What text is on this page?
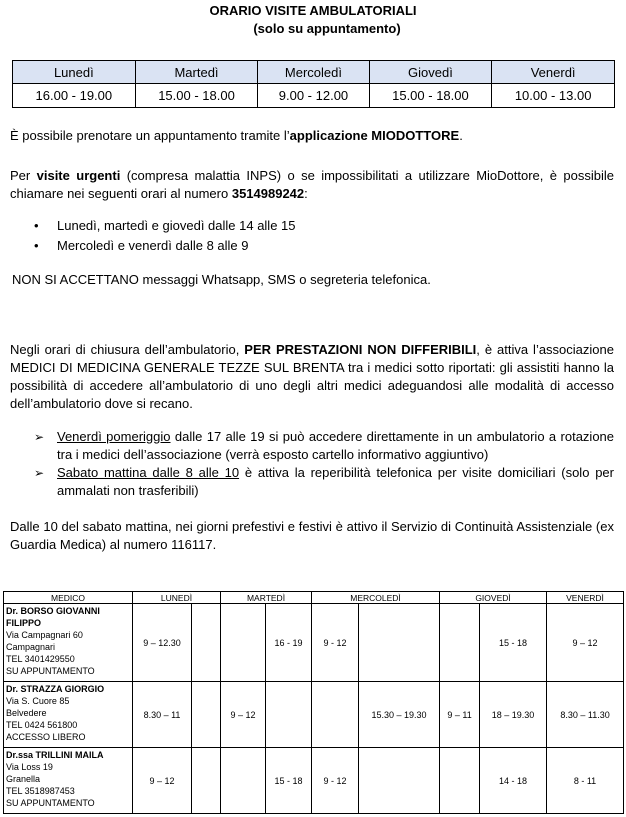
ORARIO VISITE AMBULATORIALI
(solo su appuntamento)
Lunedì	Martedì	Mercoledì	Giovedì	Venerdì
16.00 - 19.00	15.00 - 18.00	9.00 - 12.00	15.00 - 18.00	10.00 - 13.00
È possibile prenotare un appuntamento tramite l’applicazione MIODOTTORE.
Per visite urgenti (compresa malattia INPS) o se impossibilitati a utilizzare MioDottore, è possibile chiamare nei seguenti orari al numero 3514989242:
• Lunedì, martedì e giovedì dalle 14 alle 15
• Mercoledì e venerdì dalle 8 alle 9
NON SI ACCETTANO messaggi Whatsapp, SMS o segreteria telefonica.
Negli orari di chiusura dell’ambulatorio, PER PRESTAZIONI NON DIFFERIBILI, è attiva l’associazione MEDICI DI MEDICINA GENERALE TEZZE SUL BRENTA tra i medici sotto riportati: gli assistiti hanno la possibilità di accedere all’ambulatorio di uno degli altri medici adeguandosi alle modalità di accesso dell’ambulatorio dove si recano.
➢ Venerdì pomeriggio dalle 17 alle 19 si può accedere direttamente in un ambulatorio a rotazione tra i medici dell’associazione (verrà esposto cartello informativo aggiuntivo)
➢ Sabato mattina dalle 8 alle 10 è attiva la reperibilità telefonica per visite domiciliari (solo per ammalati non trasferibili)
Dalle 10 del sabato mattina, nei giorni prefestivi e festivi è attivo il Servizio di Continuità Assistenziale (ex Guardia Medica) al numero 116117.
MEDICO	LUNEDÌ		MARTEDÌ		MERCOLEDÌ		GIOVEDÌ		VENERDÌ
Dr. BORSO GIOVANNI FILIPPO
Via Campagnari 60
Campagnari
TEL 3401429550
SU APPUNTAMENTO	9 – 12.30			16 - 19	9 - 12			15 - 18	9 – 12
Dr. STRAZZA GIORGIO
Via S. Cuore 85
Belvedere
TEL 0424 561800
ACCESSO LIBERO	8.30 – 11		9 – 12			15.30 – 19.30	9 – 11	18 – 19.30	8.30 – 11.30
Dr.ssa TRILLINI MAILA
Via Loss 19
Granella
TEL 3518987453
SU APPUNTAMENTO	9 – 12			15 - 18	9 - 12			14 - 18	8 - 11
